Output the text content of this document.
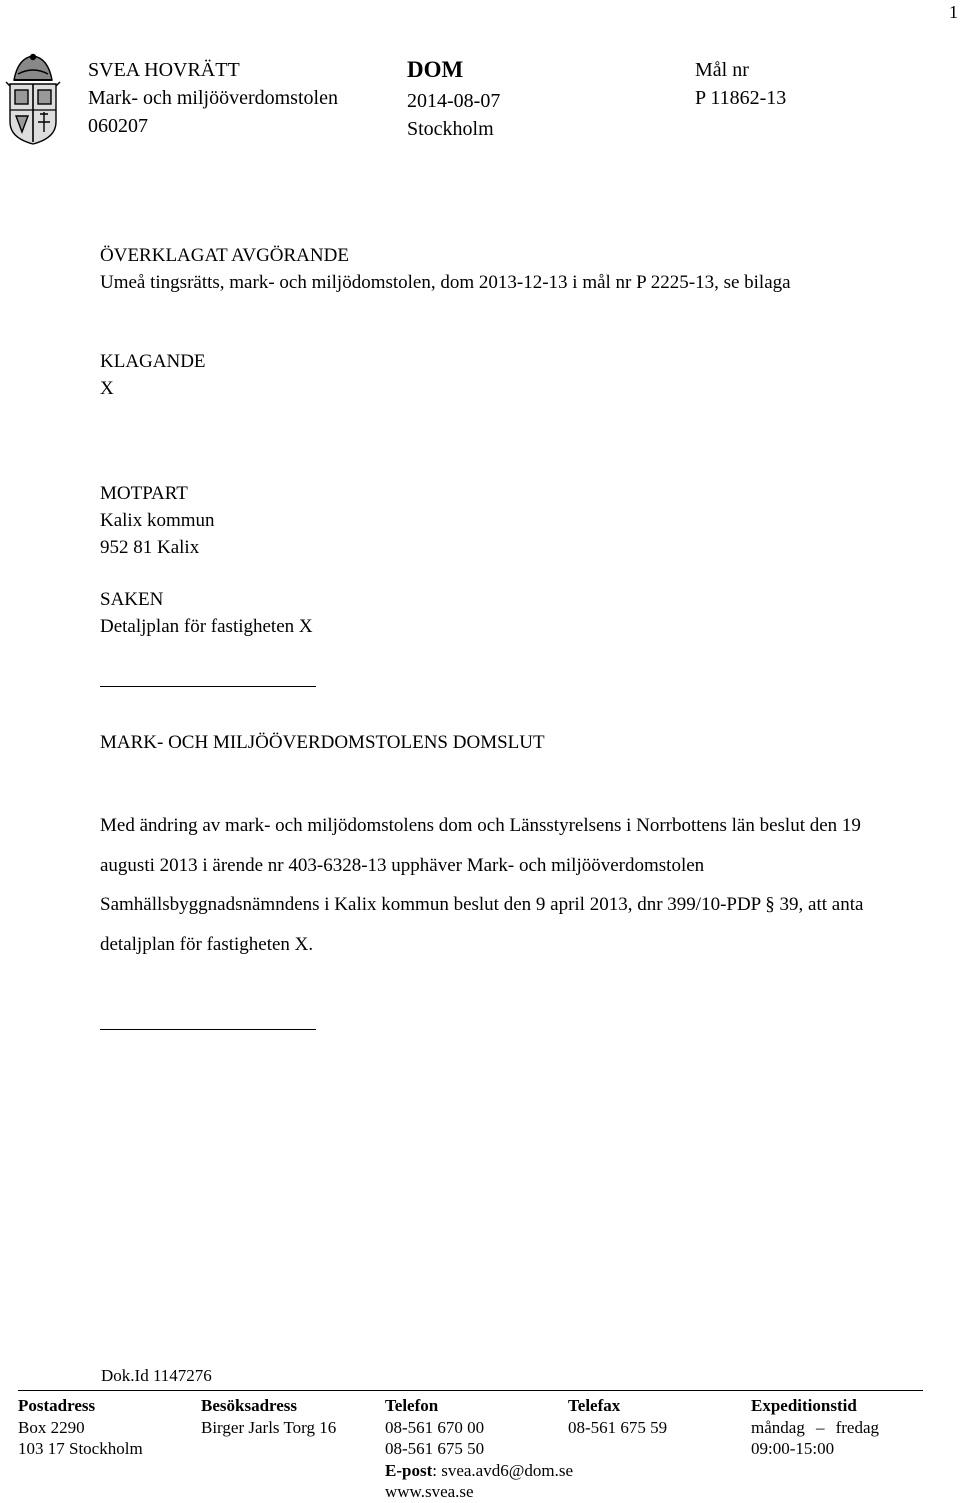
1
SVEA HOVRÄTT
Mark- och miljööverdomstolen
060207
DOM
2014-08-07
Stockholm
Mål nr
P 11862-13
ÖVERKLAGAT AVGÖRANDE
Umeå tingsrätts, mark- och miljödomstolen, dom 2013-12-13 i mål nr P 2225-13, se bilaga
KLAGANDE
X
MOTPART
Kalix kommun
952 81 Kalix
SAKEN
Detaljplan för fastigheten X
MARK- OCH MILJÖÖVERDOMSTOLENS DOMSLUT
Med ändring av mark- och miljödomstolens dom och Länsstyrelsens i Norrbottens län beslut den 19 augusti 2013 i ärende nr 403-6328-13 upphäver Mark- och miljööverdomstolen Samhällsbyggnadsnämndens i Kalix kommun beslut den 9 april 2013, dnr 399/10-PDP § 39, att anta detaljplan för fastigheten X.
Dok.Id 1147276
Postadress
Box 2290
103 17 Stockholm
Besöksadress
Birger Jarls Torg 16
Telefon
08-561 670 00
08-561 675 50
E-post: svea.avd6@dom.se
www.svea.se
Telefax
08-561 675 59
Expeditionstid
måndag – fredag
09:00-15:00
